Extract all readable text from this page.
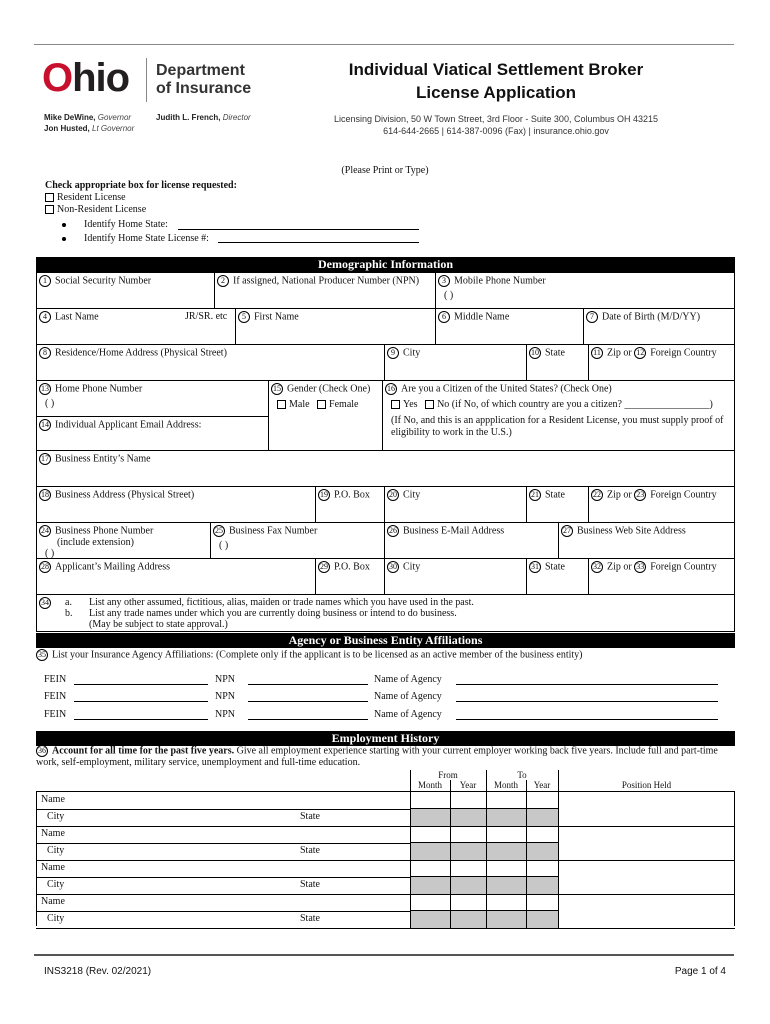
Ohio Department
of Insurance
Mike DeWine, Governor
Jon Husted, Lt Governor
Judith L. French, Director
Individual Viatical Settlement Broker
License Application
Licensing Division, 50 W Town Street, 3rd Floor - Suite 300, Columbus OH 43215
614-644-2665 | 614-387-0096 (Fax) | insurance.ohio.gov
(Please Print or Type)
Check appropriate box for license requested:
Resident License
Non-Resident License
Identify Home State:
Identify Home State License #:
Demographic Information
1 Social Security Number	2 If assigned, National Producer Number (NPN)	3 Mobile Phone Number
( )
4 Last Name	JR/SR. etc	5 First Name	6 Middle Name	7 Date of Birth (M/D/YY)
8 Residence/Home Address (Physical Street)	9 City	10 State	11 Zip or 12 Foreign Country
13 Home Phone Number
( )
14 Individual Applicant Email Address:
15 Gender (Check One)
Male Female
16 Are you a Citizen of the United States? (Check One)
Yes No (if No, of which country are you a citizen? _________________)
(If No, and this is an appplication for a Resident License, you must supply proof of eligibility to work in the U.S.)
17 Business Entity’s Name
18 Business Address (Physical Street)	19 P.O. Box	20 City	21 State	22 Zip or 23 Foreign Country
24 Business Phone Number
(include extension)
( )
25 Business Fax Number
( )
26 Business E-Mail Address	27 Business Web Site Address
28 Applicant’s Mailing Address	29 P.O. Box	30 City	31 State	32 Zip or 33 Foreign Country
34 a. List any other assumed, fictitious, alias, maiden or trade names which you have used in the past.
b. List any trade names under which you are currently doing business or intend to do business.
(May be subject to state approval.)
Agency or Business Entity Affiliations
35 List your Insurance Agency Affiliations: (Complete only if the applicant is to be licensed as an active member of the business entity)
FEIN	NPN	Name of Agency
FEIN	NPN	Name of Agency
FEIN	NPN	Name of Agency
Employment History
36 Account for all time for the past five years. Give all employment experience starting with your current employer working back five years. Include full and part-time work, self-employment, military service, unemployment and full-time education.
From	To
Month	Year	Month	Year	Position Held
Name
City	State
Name
City	State
Name
City	State
Name
City	State
INS3218 (Rev. 02/2021)	Page 1 of 4
